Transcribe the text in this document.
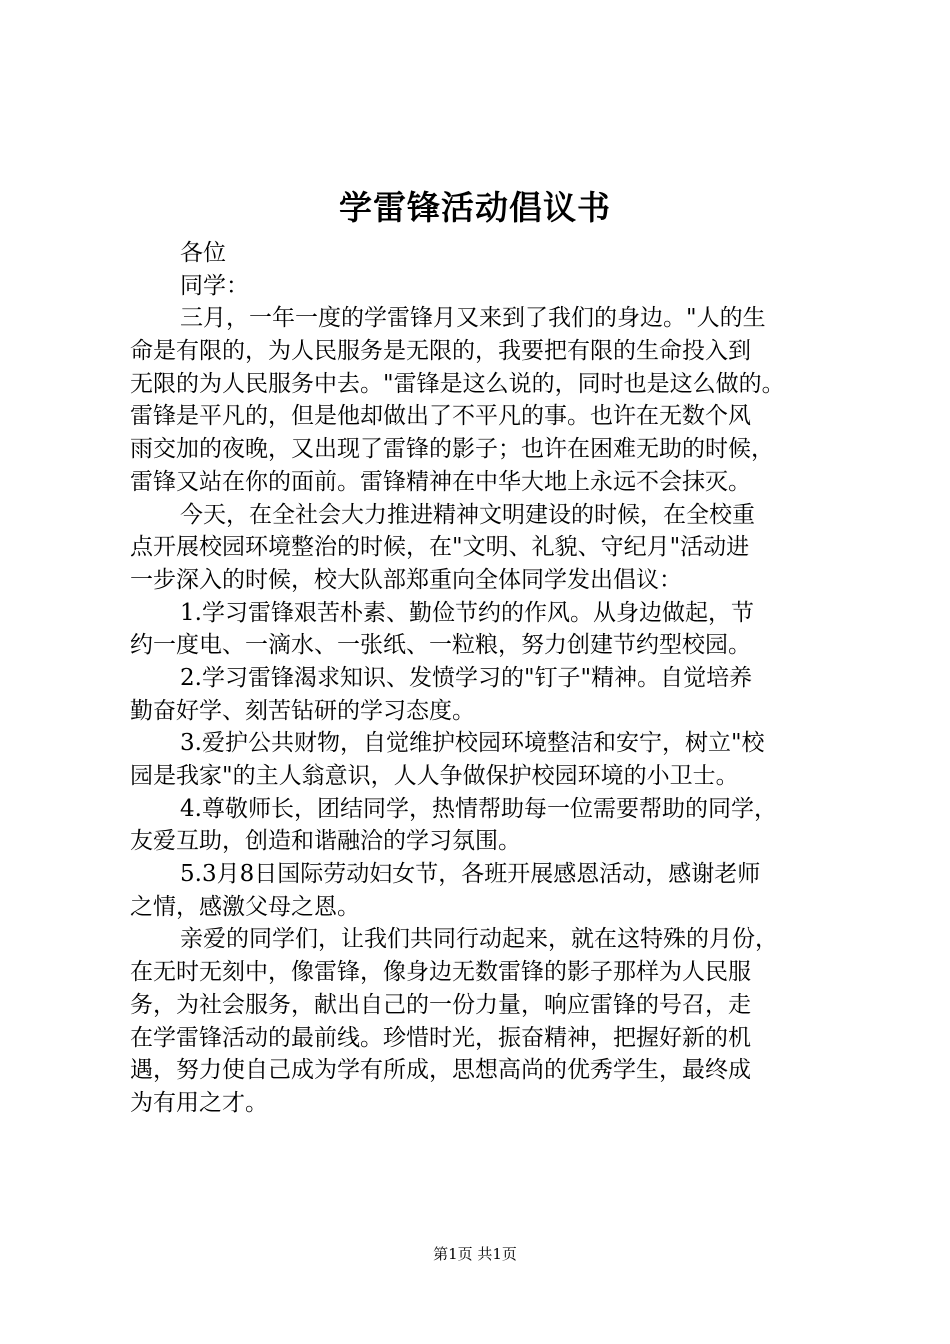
学雷锋活动倡议书
各位
同学：
三月，一年一度的学雷锋月又来到了我们的身边。"人的生
命是有限的，为人民服务是无限的，我要把有限的生命投入到
无限的为人民服务中去。"雷锋是这么说的，同时也是这么做的。
雷锋是平凡的，但是他却做出了不平凡的事。也许在无数个风
雨交加的夜晚，又出现了雷锋的影子；也许在困难无助的时候，
雷锋又站在你的面前。雷锋精神在中华大地上永远不会抹灭。
今天，在全社会大力推进精神文明建设的时候，在全校重
点开展校园环境整治的时候，在"文明、礼貌、守纪月"活动进
一步深入的时候，校大队部郑重向全体同学发出倡议：
1.学习雷锋艰苦朴素、勤俭节约的作风。从身边做起，节
约一度电、一滴水、一张纸、一粒粮，努力创建节约型校园。
2.学习雷锋渴求知识、发愤学习的"钉子"精神。自觉培养
勤奋好学、刻苦钻研的学习态度。
3.爱护公共财物，自觉维护校园环境整洁和安宁，树立"校
园是我家"的主人翁意识，人人争做保护校园环境的小卫士。
4.尊敬师长，团结同学，热情帮助每一位需要帮助的同学，
友爱互助，创造和谐融洽的学习氛围。
5.3月8日国际劳动妇女节，各班开展感恩活动，感谢老师
之情，感激父母之恩。
亲爱的同学们，让我们共同行动起来，就在这特殊的月份，
在无时无刻中，像雷锋，像身边无数雷锋的影子那样为人民服
务，为社会服务，献出自己的一份力量，响应雷锋的号召，走
在学雷锋活动的最前线。珍惜时光，振奋精神，把握好新的机
遇，努力使自己成为学有所成，思想高尚的优秀学生，最终成
为有用之才。
第1页 共1页
